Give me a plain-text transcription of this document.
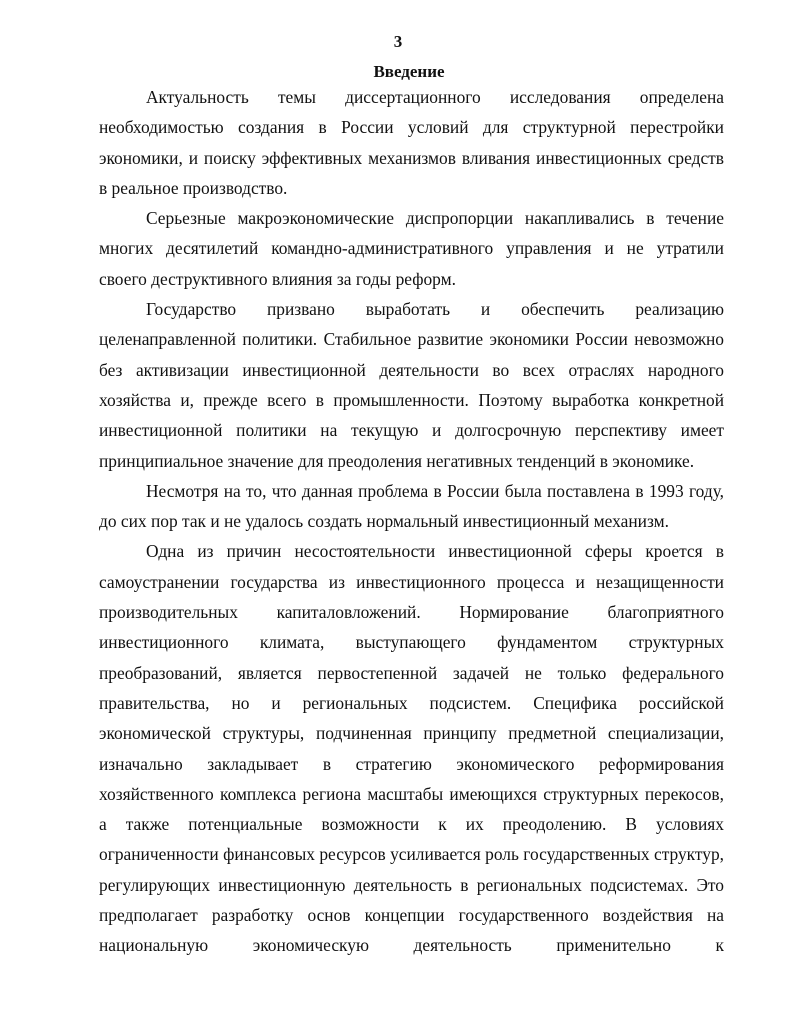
3
Введение

Актуальность темы диссертационного исследования определена необходимостью создания в России условий для структурной перестройки экономики, и поиску эффективных механизмов вливания инвестиционных средств в реальное производство.

Серьезные макроэкономические диспропорции накапливались в течение многих десятилетий командно-административного управления и не утратили своего деструктивного влияния за годы реформ.

Государство призвано выработать и обеспечить реализацию целенаправленной политики. Стабильное развитие экономики России невозможно без активизации инвестиционной деятельности во всех отраслях народного хозяйства и, прежде всего в промышленности. Поэтому выработка конкретной инвестиционной политики на текущую и долгосрочную перспективу имеет принципиальное значение для преодоления негативных тенденций в экономике.

Несмотря на то, что данная проблема в России была поставлена в 1993 году, до сих пор так и не удалось создать нормальный инвестиционный механизм.

Одна из причин несостоятельности инвестиционной сферы кроется в самоустранении государства из инвестиционного процесса и незащищенности производительных капиталовложений. Нормирование благоприятного инвестиционного климата, выступающего фундаментом структурных преобразований, является первостепенной задачей не только федерального правительства, но и региональных подсистем. Специфика российской экономической структуры, подчиненная принципу предметной специализации, изначально закладывает в стратегию экономического реформирования хозяйственного комплекса региона масштабы имеющихся структурных перекосов, а также потенциальные возможности к их преодолению. В условиях ограниченности финансовых ресурсов усиливается роль государственных структур, регулирующих инвестиционную деятельность в региональных подсистемах. Это предполагает разработку основ концепции государственного воздействия на национальную экономическую деятельность применительно к
